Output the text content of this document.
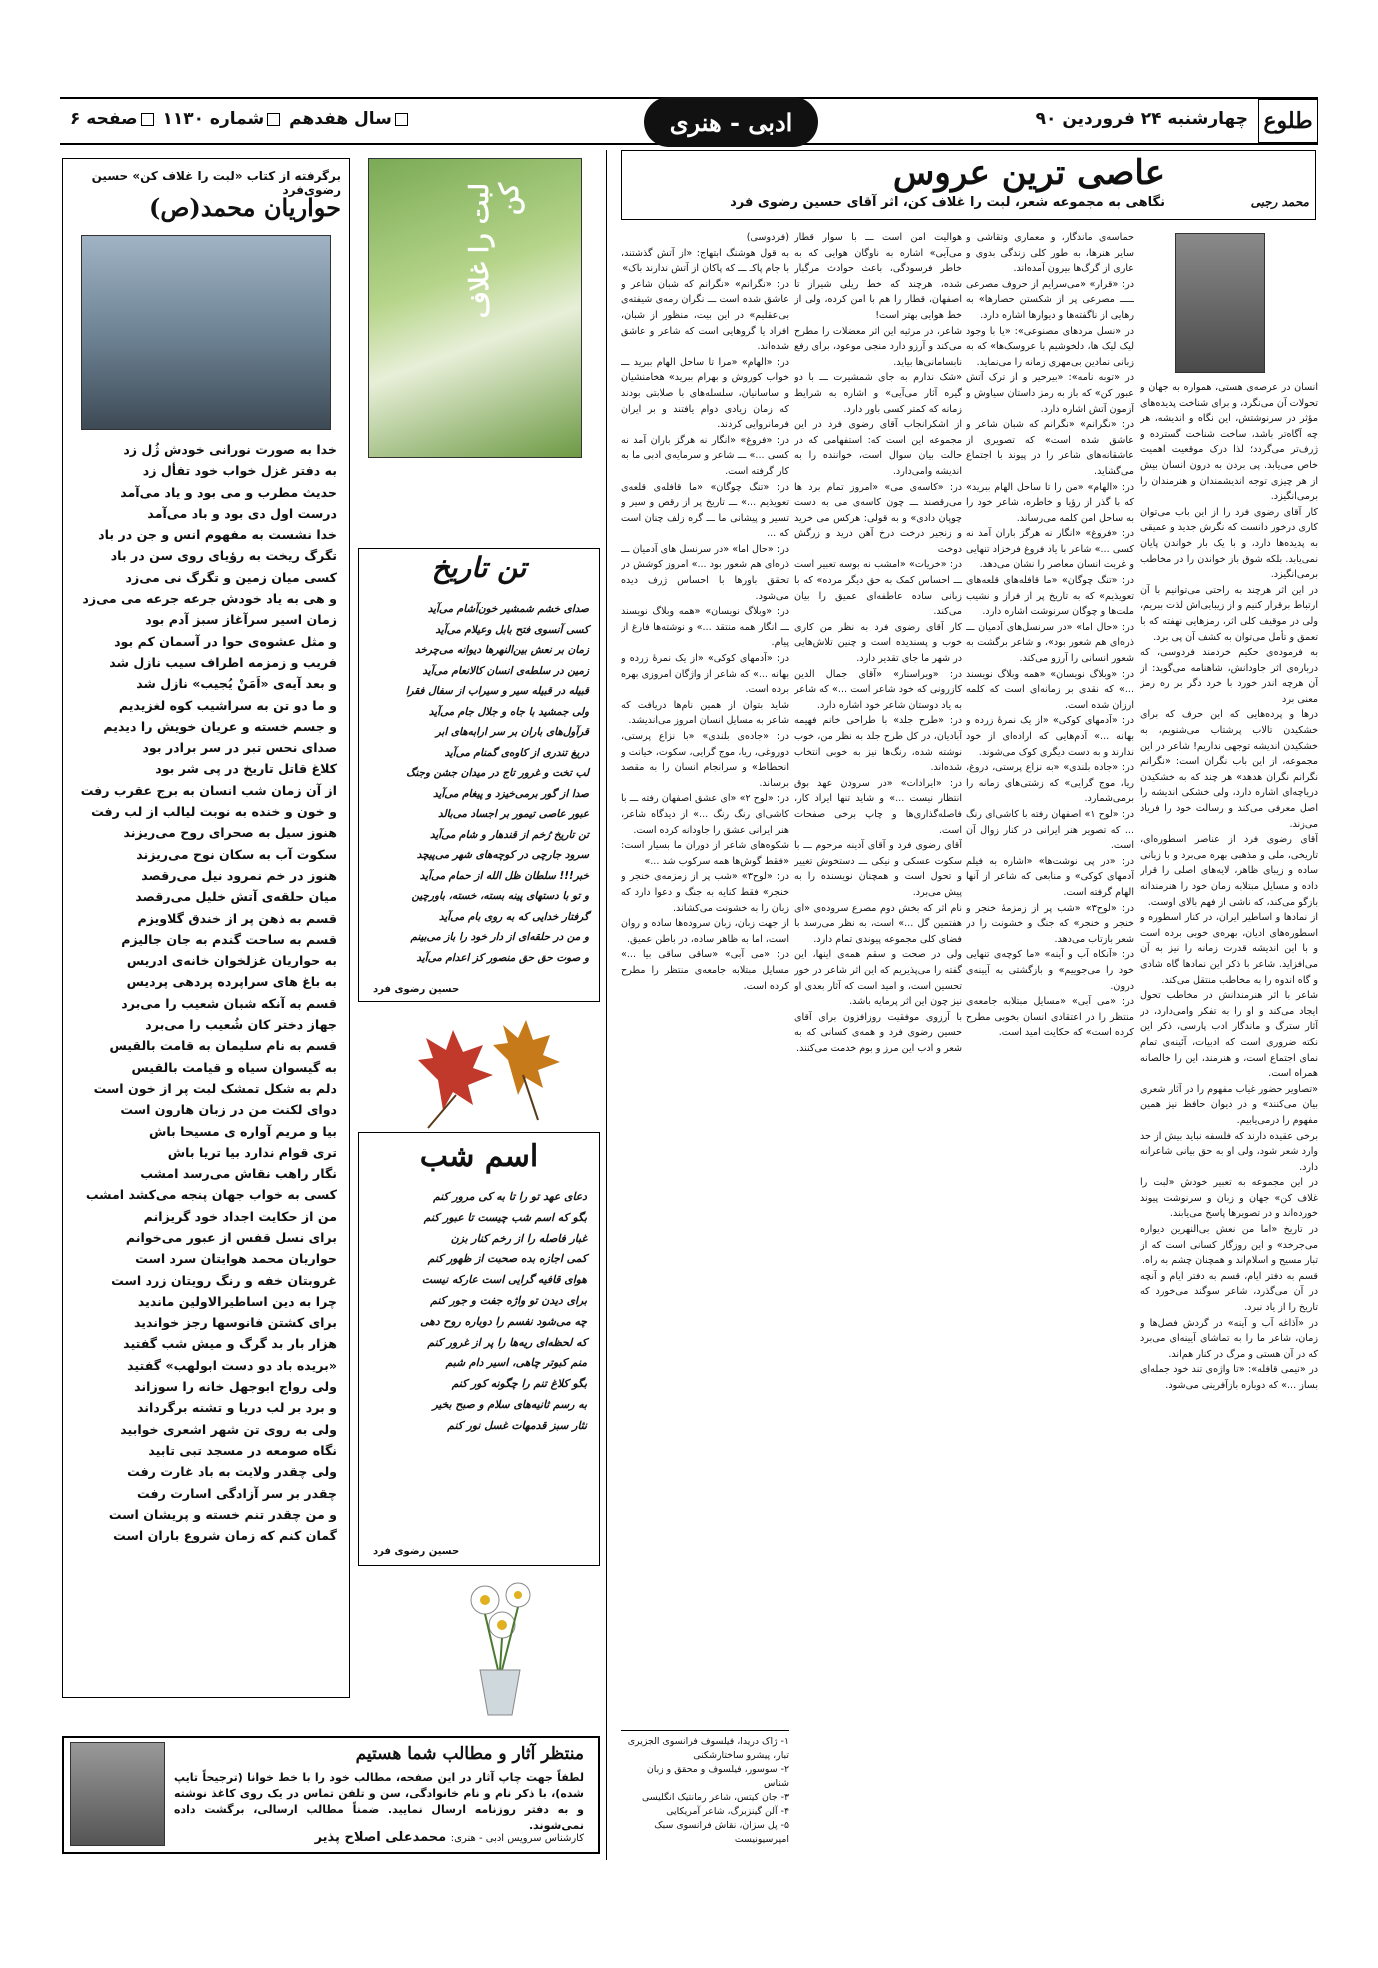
طلوع
چهارشنبه ۲۴ فروردین ۹۰
ادبی - هنری
سال هفدهم شماره ۱۱۳۰ صفحه ۶
عاصی ترین عروس
نگاهی به مجموعه شعر، لبت را غلاف کن، اثر آقای حسین رضوی فرد	محمد رجبی

انسان در عرصه‌ی هستی، همواره به جهان و تحولات آن می‌نگرد، و برای شناخت پدیده‌های مؤثر در سرنوشتش، این نگاه و اندیشه، هر چه آگاه‌تر باشد، ساخت شناخت گسترده و ژرف‌تر می‌گردد؛ لذا درک موقعیت اهمیت خاص می‌یابد. پی بردن به درون انسان بیش از هر چیزی توجه اندیشمندان و هنرمندان را برمی‌انگیزد.

کار آقای رضوی فرد را از این باب می‌توان کاری درخور دانست که نگرش جدید و عمیقی به پدیده‌ها دارد، و با یک بار خواندن پایان نمی‌یابد. بلکه شوق باز خواندن را در مخاطب برمی‌انگیزد.

در این اثر هرچند به راحتی می‌توانیم با آن ارتباط برقرار کنیم و از زیبایی‌اش لذت ببریم، ولی در موقیف کلی اثر، رمزهایی نهفته که با تعمق و تأمل می‌توان به کشف آن پی برد.

به فرموده‌ی حکیم خردمند فردوسی، که درباره‌ی اثر جاودانش، شاهنامه می‌گوید: از آن هرچه اندر خورد با خرد دگر بر ره رمز معنی برد

درها و پرده‌هایی که این حرف که برای خشکیدن تالاب پرشتاب می‌شنویم، به خشکیدن اندیشه توجهی نداریم! شاعر در این مجموعه، از این باب نگران است: «نگرانم نگرانم نگران هدهد» هر چند که به خشکیدن دریاچه‌ای اشاره دارد، ولی خشکی اندیشه را اصل معرفی می‌کند و رسالت خود را فریاد می‌زند.

آقای رضوی فرد از عناصر اسطوره‌ای، تاریخی، ملی و مذهبی بهره می‌برد و با زبانی ساده و زیبای ظاهر، لایه‌های اصلی را قرار داده و مسایل مبتلابه زمان خود را هنرمندانه بازگو می‌کند، که ناشی از فهم بالای اوست.

از نمادها و اساطیر ایران، در کنار اسطوره و اسطوره‌های ادیان، بهره‌ی خوبی برده است و با این اندیشه قدرت زمانه را نیز به آن می‌افزاید. شاعر با ذکر این نمادها گاه شادی و گاه اندوه را به مخاطب منتقل می‌کند.

شاعر با اثر هنرمندانش در مخاطب تحول ایجاد می‌کند و او را به تفکر وامی‌دارد، در آثار سترگ و ماندگار ادب پارسی، ذکر این نکته ضروری است که ادبیات، آئینه‌ی تمام نمای اجتماع است، و هنرمند، این را خالصانه همراه است.

«تصاویر حضور غیاب مفهوم را در آثار شعری بیان می‌کنند» و در دیوان حافظ نیز همین مفهوم را درمی‌یابیم.

برخی عقیده دارند که فلسفه نباید بیش از حد وارد شعر شود، ولی او به حق بیانی شاعرانه دارد.

در این مجموعه به تعبیر خودش «لبت را غلاف کن» جهان و زبان و سرنوشت پیوند خورده‌اند و در تصویرها پاسخ می‌یابند.

در تاریخ «اما من نعش بی‌النهرین دیواره می‌جرخد» و این روزگار کسانی است که از تبار مسیح و اسلام‌اند و همچنان چشم به راه.

قسم به دفتر ایام، قسم به دفتر ایام و آنچه در آن می‌گذرد، شاعر سوگند می‌خورد که تاریخ را از یاد نبرد.

در «آذاغه آب و آینه» در گردش فصل‌ها و زمان، شاعر ما را به تماشای آیینه‌ای می‌برد که در آن هستی و مرگ در کنار هم‌اند.

در «نیمی قافله»: «تا واژه‌ی تند خود جمله‌ای بساز ...» که دوباره بازآفرینی می‌شود.

حماسه‌ی ماندگار، و معماری وتقاشی و سایر هنرها، به طور کلی زندگی بدوی و عاری از گرگ‌ها بیرون آمده‌اند.

در: «قرار» «می‌سرایم از حروف مصرعی ـــــ مصرعی پر از شکستن حصارها» به رهایی از ناگفته‌ها و دیوارها اشاره دارد.

در «نسل مردهای مصنوعی»: «یا با وجود لیک لیک ها، دلخوشیم با عروسک‌ها» که به زبانی نمادین بی‌مهری زمانه را می‌نماید.

در «توبه نامه»: «بیرحیر و از ترک آتش عبور کن» که باز به رمز داستان سیاوش و آزمون آتش اشاره دارد.

در: «نگرانم» «نگرانم که شبان شاعر و عاشق شده است» که تصویری از عاشقانه‌های شاعر را در پیوند با اجتماع می‌گشاید.

در: «الهام» «من را تا ساحل الهام ببرید» که با گذر از رؤیا و خاطره، شاعر خود را به ساحل امن کلمه می‌رساند.

در: «فروغ» «انگار نه هرگز باران آمد نه کسی ...» شاعر با یاد فروغ فرخزاد تنهایی و غربت انسان معاصر را نشان می‌دهد.

در: «تنگ چوگان» «ما قافله‌های قلعه‌های تعویذیم» که به تاریخ پر از فراز و نشیب ملت‌ها و چوگان سرنوشت اشاره دارد.

در: «حال اما» «در سرنسل‌های آدمیان ـــ ذره‌ای هم شعور بود»، و شاعر برگشت به شعور انسانی را آرزو می‌کند.

در: «وبلاگ نویسان» «همه وبلاگ نویسند ...» که نقدی بر زمانه‌ای است که کلمه ارزان شده است.

در: «آدمهای کوکی» «از یک نمرۀ زرده و بهانه ...» آدم‌هایی که اراده‌ای از خود ندارند و به دست دیگری کوک می‌شوند.

در: «جاده بلندی» «به نزاع پرستی، دروغ، ریا، موج گرایی» که زشتی‌های زمانه را برمی‌شمارد.

در: «لوح ۱» اصفهان رفته با کاشی‌ای رنگ ... که تصویر هنر ایرانی در کنار زوال آن است.

در: «در پی نوشت‌ها» «اشاره به فیلم آدمهای کوکی» و منابعی که شاعر از آنها الهام گرفته است.

در: «لوح۳» «شب پر از زمزمۀ خنجر و خنجر و خنجر» که جنگ و خشونت را در شعر بازتاب می‌دهد.

در: «آنکاه آب و آینه» «ما کوچه‌ی تنهایی خود را می‌جوییم» و بازگشتی به آیینه‌ی درون.

در: «می آبی» «مسایل مبتلابه جامعه‌ی منتظر را در اعتقادی انسان بخوبی مطرح کرده است» که حکایت امید است.

هوالیت امن است ـــ با سوار قطار می‌آیی» اشاره به ناوگان هوایی که به خاطر فرسودگی، باعث حوادث مرگبار شده، هرچند که خط ریلی شیراز تا اصفهان، قطار را هم با امن کرده، ولی از خط هوایی بهتر است!

شاعر، در مرثیه این اثر معضلات را مطرح می‌کند و آرزو دارد منجی موعود، برای رفع نابسامانی‌ها بیاید.

«شک ندارم به جای شمشیرت ـــ با دو گیره آثار می‌آیی» و اشاره به شرایط زمانه که کمتر کسی باور دارد.

از اشکرانجاب آقای رضوی فرد در این مجموعه این است که: استفهامی که در حالت بیان سوال است، خواننده را به اندیشه وامی‌دارد.

در: «کاسه‌ی می» «امروز تمام برد ها می‌رقصند ـــ چون کاسه‌ی می به دست چوپان دادی» و به قولی: هرکس می خرید و زنجیر درخت درخ آهن درید و زرگش دوخت

در: «خریات» «امشب نه بوسه تعبیر است ـــ احساس کمک به حق دیگر مرده» که با زبانی ساده عاطفه‌ای عمیق را بیان می‌کند.

کار آقای رضوی فرد به نظر من کاری خوب و پسندیده است و چنین تلاش‌هایی در شهر ما جای تقدیر دارد.

در: «ویراسنار» «آقای جمال الدین کازرونی که خود شاعر است ...» که شاعر به یاد دوستان شاعر خود اشاره دارد.

در: «طرح جلد» با طراحی خانم فهیمه آبادیان، در کل طرح جلد به نظر من، خوب نوشته شده، رنگ‌ها نیز به خوبی انتخاب شده‌اند.

در: «ایرادات» «در سرودن عهد بوق انتظار نیست ...» و شاید تنها ایراد کار، فاصله‌گذاری‌ها و چاپ برخی صفحات است.

آقای رضوی فرد و آقای آدینه مرحوم ـــ با سکوت عسکی و نیکی ـــ دستخوش تغییر و تحول است و همچنان نویسنده را به پیش می‌برد.

نام اثر که بخش دوم مصرع سروده‌ی «ای هفتمین گل ...» است، به نظر می‌رسد با فضای کلی مجموعه پیوندی تمام دارد.

ولی در صحت و سقم همه‌ی اینها، این گفته را می‌پذیریم که این اثر شاعر در خور تحسین است، و امید است که آثار بعدی او نیز چون این اثر پرمایه باشد.

با آرزوی موفقیت روزافزون برای آقای حسین رضوی فرد و همه‌ی کسانی که به شعر و ادب این مرز و بوم خدمت می‌کنند.

(فردوسی)

به قول هوشنگ ابتهاج: «از آتش گذشتند، با جام پاکـ ـــ که پاکان از آتش ندارند باک»

در: «نگرانم» «نگرانم که شبان شاعر و عاشق شده است ـــ نگران رمه‌ی شیفته‌ی بی‌عقلیم» در این بیت، منظور از شبان، افراد یا گروهایی است که شاعر و عاشق شده‌اند.

در: «الهام» «مرا تا ساحل الهام ببرید ـــ خواب کوروش و بهرام ببرید» هخامنشیان و ساسانیان، سلسله‌های با صلابتی بودند که زمان زیادی دوام یافتند و بر ایران فرمانروایی کردند.

در: «فروغ» «انگار نه هرگز باران آمد نه کسی ...» ـــ شاعر و سرمایه‌ی ادبی ما به کار گرفته است.

در: «تنگ چوگان» «ما قافله‌ی قلعه‌ی تعویذیم ...» ـــ تاریخ پر از رقص و سیر و تسیر و پیشانی ما ـــ گره زلف چنان است که ...

در: «حال اما» «در سرنسل های آدمیان ـــ ذره‌ای هم شعور بود ...» امروز کوشش در تحقق باورها با احساس ژرف دیده می‌شود.

در: «وبلاگ نویسان» «همه وبلاگ نویسند ـــ انگار همه منتقد ...» و نوشته‌ها فارغ از پیام.

در: «آدمهای کوکی» «از یک نمرۀ زرده و بهانه ...» که شاعر از واژگان امروزی بهره برده است.

شاید بتوان از همین نام‌ها دریافت که شاعر به مسایل انسان امروز می‌اندیشد.

در: «جاده‌ی بلندی» «با نزاع پرستی، دوروغی، ریا، موج گرایی، سکوت، خیانت و انحطاط» و سرانجام انسان را به مقصد برساند.

در: «لوح ۲» «ای عشق اصفهان رفته ـــ با کاشی‌ای رنگ رنگ ...» از دیدگاه شاعر، هنر ایرانی عشق را جاودانه کرده است.

شکوه‌های شاعر از دوران ما بسیار است: «فقط گوش‌ها همه سرکوب شد ...»

در: «لوح۳» «شب پر از زمزمه‌ی خنجر و خنجر» فقط کنایه به جنگ و دعوا دارد که زبان را به خشونت می‌کشاند.

از جهت زبان، زبان سروده‌ها ساده و روان است، اما به ظاهر ساده، در باطن عمیق.

در: «می آبی» «ساقی ساقی بیا ...» مسایل مبتلابه جامعه‌ی منتظر را مطرح کرده است.

۱- ژاک دریدا، فیلسوف فرانسوی الجزیری تبار، پیشرو ساختارشکنی
۲- سوسور، فیلسوف و محقق و زبان شناس
۳- جان کیتس، شاعر رمانتیک انگلیسی
۴- آلن گینزبرگ، شاعر آمریکایی
۵- پل سزان، نقاش فرانسوی سبک امپرسیونیست
لبت را غلاف کن
تن تاریخ
صدای خشم شمشیر خون‌آشام می‌آید
کسی آنسوی فتح بابل وعیلام می‌آید
زمان بر نعش بین‌النهرها دیوانه می‌چرخد
زمین در سلطه‌ی انسان کالانعام می‌آید
قبیله در قبیله سیر و سیراب از سفال فقرا
ولی جمشید با جاه و جلال جام می‌آید
قرآول‌های باران بر سر ارابه‌های ابر
دریغ تندری از کاوه‌ی گمنام می‌آید
لب تخت و غرور تاج در میدان جشن وجنگ
صدا از گور برمی‌خیزد و پیغام می‌آید
عبور عاصی تیمور بر اجساد می‌بالد
تن تاریخ رُخم از قندهار و شام می‌آید
سرود جارچی در کوچه‌های شهر می‌پیچد
خبر!!! سلطان ظل الله از حمام می‌آید
و تو با دستهای پینه بسته، خسته، باورچین
گرفتار خدایی که به روی بام می‌آید
و من در حلقه‌ای از دار خود را باز می‌بینم
و صوت حق حق منصور کز اعدام می‌آید
حسین رضوی فرد
اسم شب
دعای عهد تو را تا به کی مرور کنم
بگو که اسم شب چیست تا عبور کنم
غبار فاصله را از رخم کنار بزن
کمی اجازه بده صحبت از ظهور کنم
هوای قافیه گرایی است عارکه نیست
برای دیدن تو واژه جفت و جور کنم
چه می‌شود نفسم را دوباره روح دهی
که لحظه‌ای ریه‌ها را پر از غرور کنم
منم کبوتر چاهی، اسیر دام شبم
بگو کلاغ تنم را چگونه کور کنم
به رسم ثانیه‌های سلام و صبح بخیر
نثار سبز قدمهات غسل نور کنم
حسین رضوی فرد
برگرفته از کتاب «لبت را غلاف کن» حسین رضوی‌فرد
حواریان محمد(ص)
خدا به صورت نورانی خودش ژُل زد
به دفتر غزل خواب خود تفأل زد
حدیث مطرب و می بود و یاد می‌آمد
درست اول دی بود و باد می‌آمد
خدا نشست به مفهوم انس و جن در باد
تگرگ ریخت به رؤیای روی سن در باد
کسی میان زمین و تگرگ نی می‌زد
و هی به یاد خودش جرعه جرعه می می‌زد
زمان اسیر سرآغاز سبز آدم بود
و مثل عشوه‌ی حوا در آسمان کم بود
فریب و زمزمه اطراف سیب نازل شد
و بعد آیه‌ی «اَمَنْ یُجیب» نازل شد
و ما دو تن به سراشیب کوه لغزیدیم
و جسم خسته و عریان خویش را دیدیم
صدای نحس تبر در سر برادر بود
کلاغ قاتل تاریخ در پی شر بود
از آن زمان شب انسان به برج عقرب رفت
و خون و خنده به نوبت لیالب از لب رفت
هنوز سیل به صحرای روح می‌ریزند
سکوت آب به سکان نوح می‌ریزند
هنوز در خم نمرود نیل می‌رقصد
میان حلقه‌ی آتش خلیل می‌رقصد
قسم به ذهن پر از خندق گلاویزم
قسم به ساحت گندم به جان جالیزم
به حواریان غزلخوان خانه‌ی ادریس
به باغ های سراپرده پردهی پردیس
قسم به آنکه شبان شعیب را می‌برد
جهاز دختر کان شُعیب را می‌برد
قسم به نام سلیمان به قامت بالقیس
به گیسوان سیاه و قیامت بالقیس
دلم به شکل تمشک لبت پر از خون است
دوای لکنت من در زبان هارون است
بیا و مریم آواره ی مسیحا باش
تری قوام ندارد بیا تریا باش
نگار راهب نقاش می‌رسد امشب
کسی به خواب جهان پنجه می‌کشد امشب
من از حکایت اجداد خود گریزانم
برای نسل قفس از عبور می‌خوانم
حواریان محمد هوایتان سرد است
غروبتان خفه و رنگ رویتان زرد است
چرا به دین اساطیرالاولین ماندید
برای کشتن فانوسها رجز خواندید
هزار بار بد گرگ و میش شب گفتید
«بریده باد دو دست ابولهب» گفتید
ولی رواج ابوجهل خانه را سوزاند
و برد بر لب دریا و تشنه برگرداند
ولی به روی تن شهر اشعری خوابید
نگاه صومعه در مسجد تبی تابید
ولی چقدر ولایت به باد غارت رفت
چقدر بر سر آزادگی اسارت رفت
و من چقدر تنم خسته و پریشان است
گمان کنم که زمان شروع باران است
منتظر آثار و مطالب شما هستیم
لطفاً جهت چاپ آثار در این صفحه، مطالب خود را با خط خوانا (ترجیحاً تایپ شده)، با ذکر نام و نام خانوادگی، سن و تلفن تماس در یک روی کاغذ نوشته و به دفتر روزنامه ارسال نمایید. ضمناً مطالب ارسالی، برگشت داده نمی‌شوند.
کارشناس سرویس ادبی - هنری: محمدعلی اصلاح پذیر
